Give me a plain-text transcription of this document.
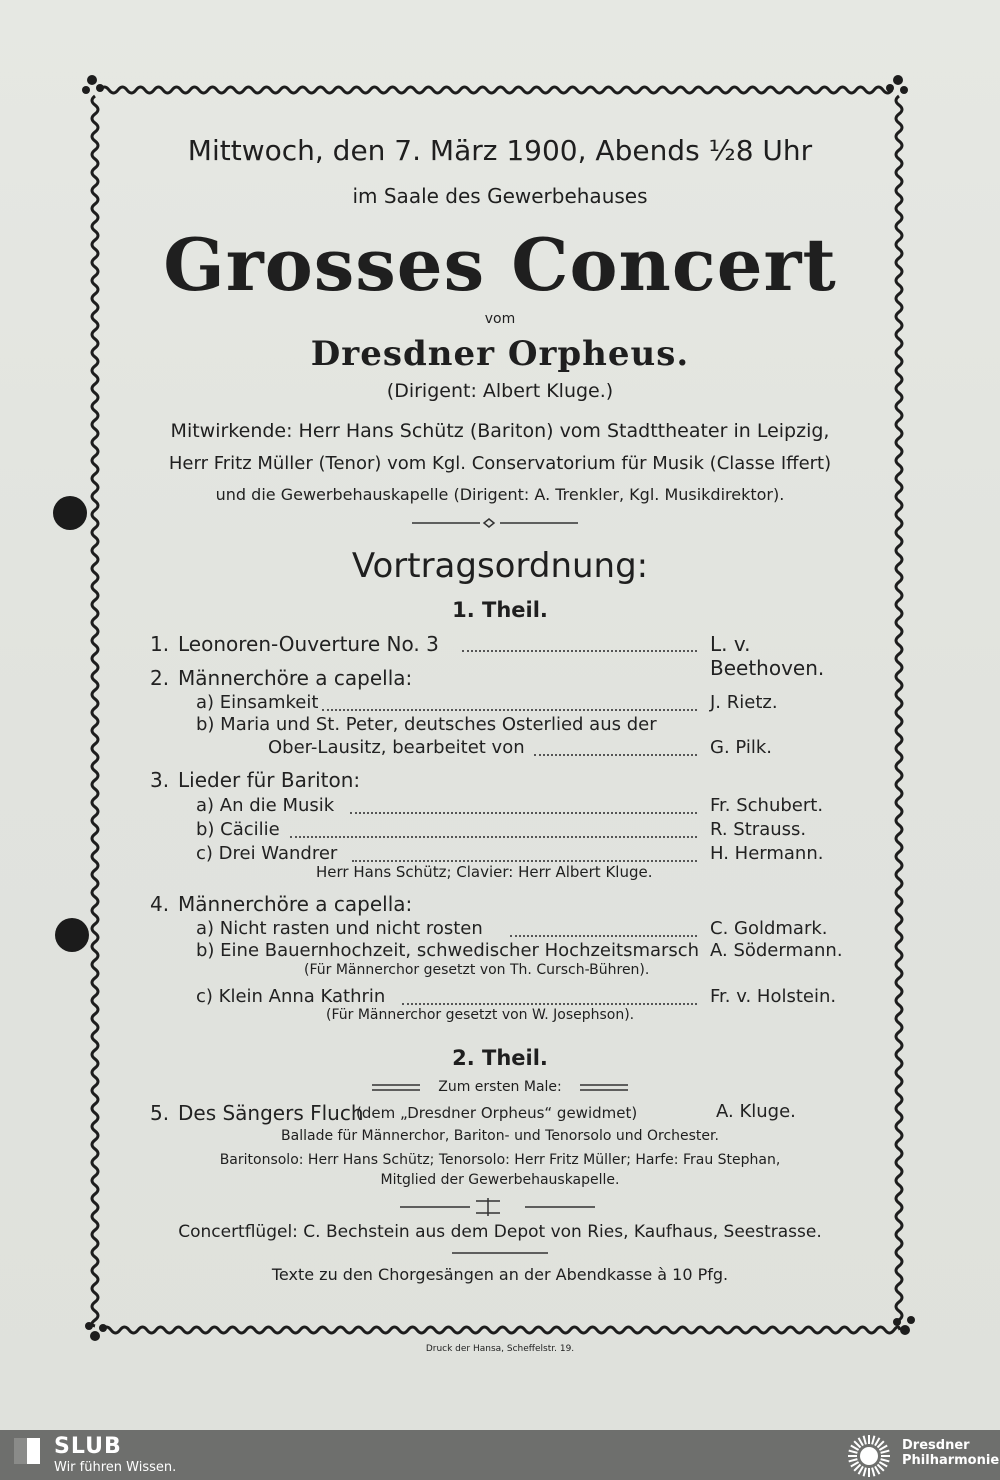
Mittwoch, den 7. März 1900, Abends ½8 Uhr
im Saale des Gewerbehauses
Grosses Concert
vom
Dresdner Orpheus.
(Dirigent: Albert Kluge.)
Mitwirkende: Herr Hans Schütz (Bariton) vom Stadttheater in Leipzig,
Herr Fritz Müller (Tenor) vom Kgl. Conservatorium für Musik (Classe Iffert)
und die Gewerbehauskapelle (Dirigent: A. Trenkler, Kgl. Musikdirektor).
Vortragsordnung:
1. Theil.
1. Leonoren-Ouverture No. 3	L. v. Beethoven.
2. Männerchöre a capella:
a) Einsamkeit	J. Rietz.
b) Maria und St. Peter, deutsches Osterlied aus der
Ober-Lausitz, bearbeitet von	G. Pilk.
3. Lieder für Bariton:
a) An die Musik	Fr. Schubert.
b) Cäcilie	R. Strauss.
c) Drei Wandrer	H. Hermann.
Herr Hans Schütz; Clavier: Herr Albert Kluge.
4. Männerchöre a capella:
a) Nicht rasten und nicht rosten	C. Goldmark.
b) Eine Bauernhochzeit, schwedischer Hochzeitsmarsch A. Södermann.
(Für Männerchor gesetzt von Th. Cursch-Bühren).
c) Klein Anna Kathrin	Fr. v. Holstein.
(Für Männerchor gesetzt von W. Josephson).
2. Theil.
Zum ersten Male:
5. Des Sängers Fluch
(dem „Dresdner Orpheus“ gewidmet)	A. Kluge.
Ballade für Männerchor, Bariton- und Tenorsolo und Orchester.
Baritonsolo: Herr Hans Schütz; Tenorsolo: Herr Fritz Müller; Harfe: Frau Stephan,
Mitglied der Gewerbehauskapelle.
Concertflügel: C. Bechstein aus dem Depot von Ries, Kaufhaus, Seestrasse.
Texte zu den Chorgesängen an der Abendkasse à 10 Pfg.
Druck der Hansa, Scheffelstr. 19.
SLUB
Wir führen Wissen.
Dresdner
Philharmonie
